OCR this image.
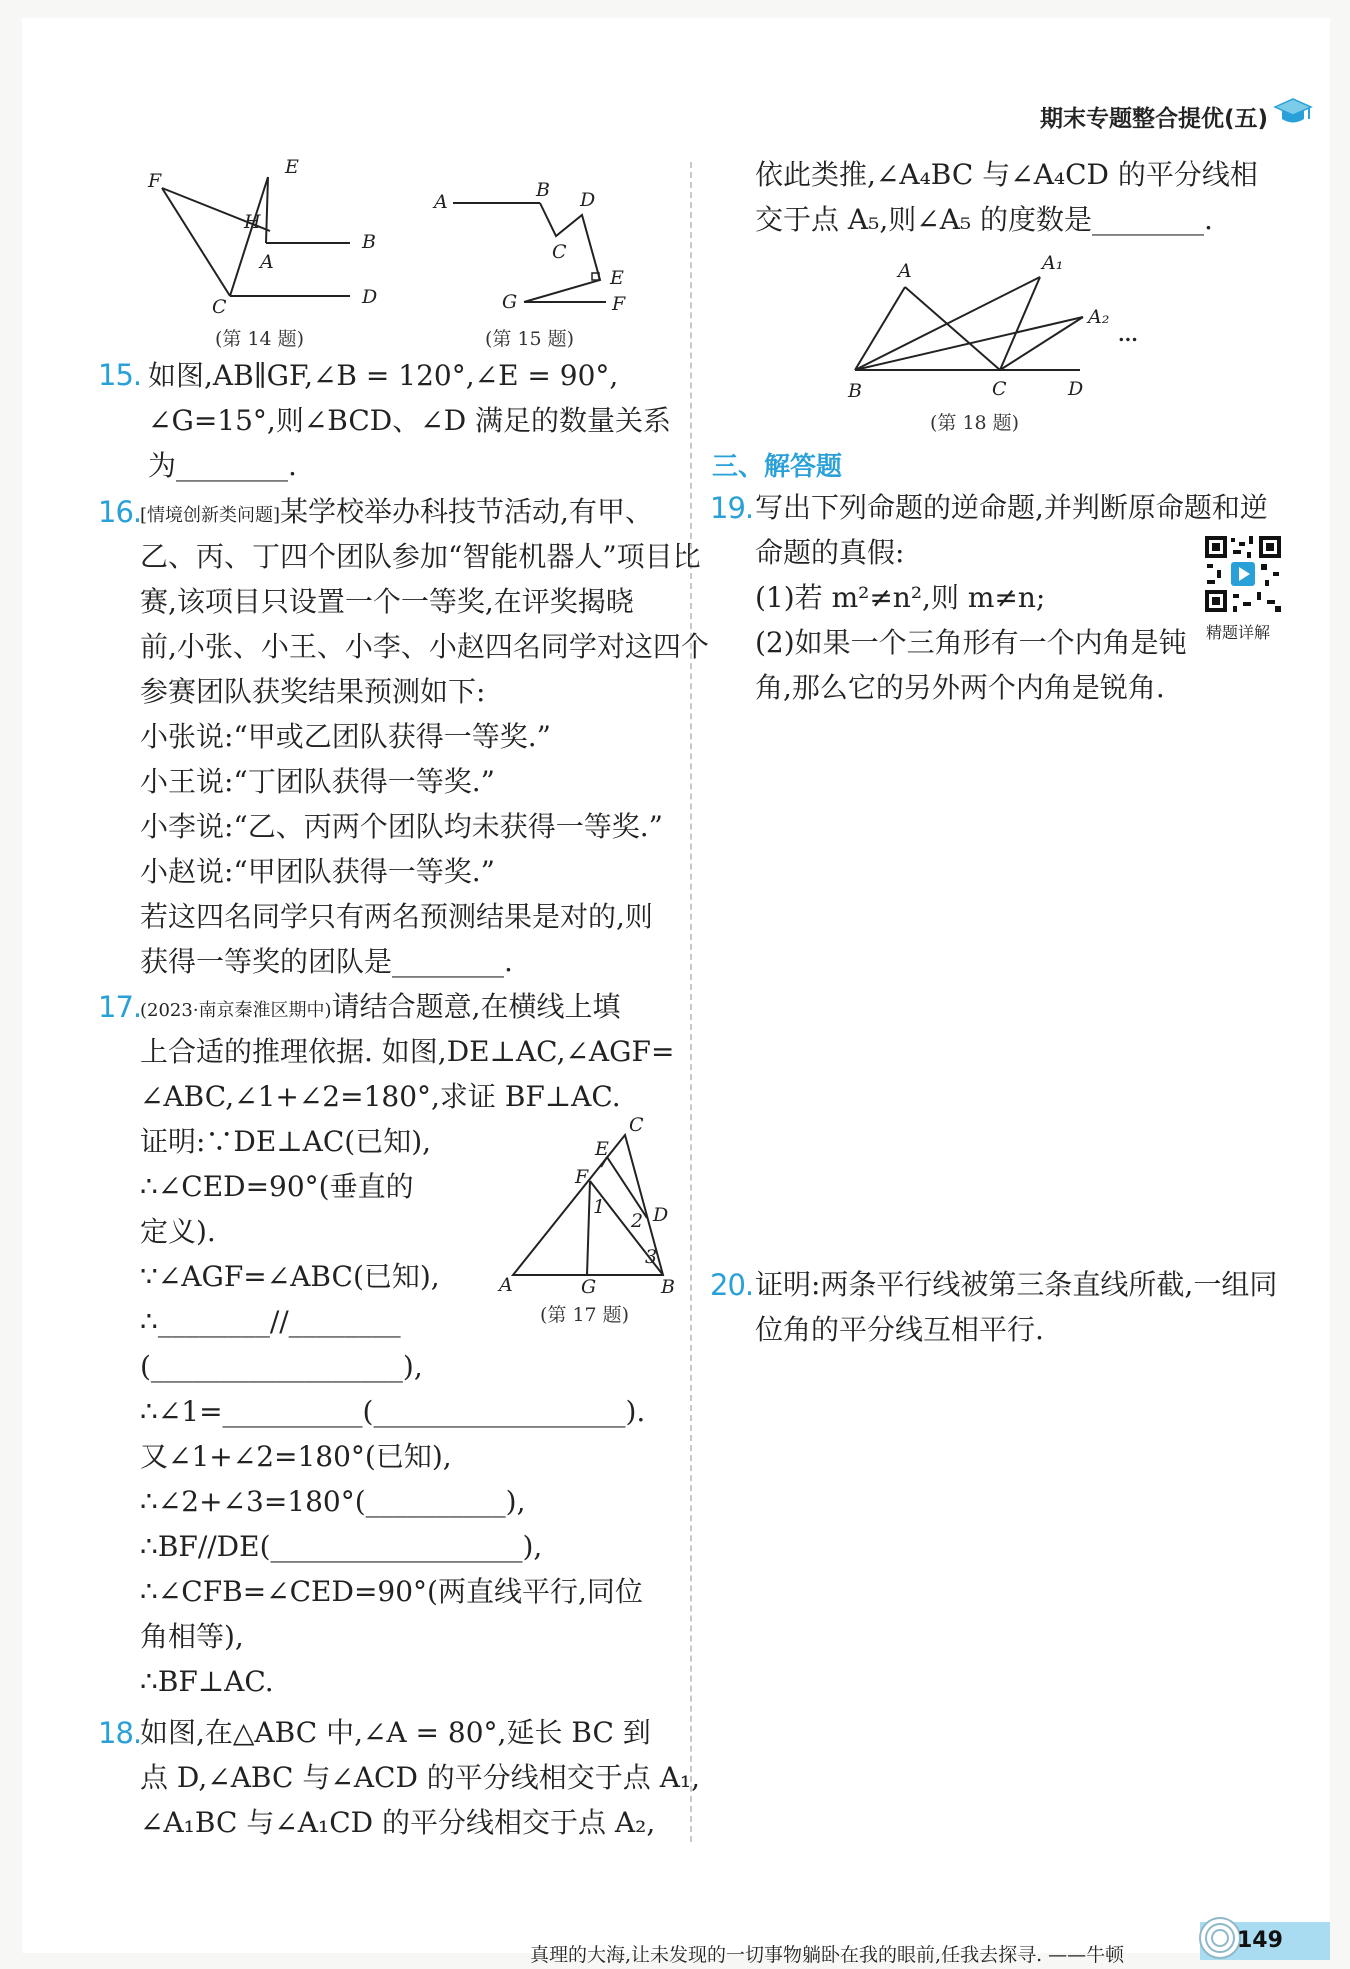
期末专题整合提优(五)
F
E
H
A
B
C	D
(第 14 题)
A
B D
C
E
G	F
(第 15 题)
15. 如图,AB∥GF,∠B = 120°,∠E = 90°,
∠G=15°,则∠BCD、∠D 满足的数量关系
为________.
16.
[情境创新类问题]某学校举办科技节活动,有甲、
乙、丙、丁四个团队参加“智能机器人”项目比
赛,该项目只设置一个一等奖,在评奖揭晓
前,小张、小王、小李、小赵四名同学对这四个
参赛团队获奖结果预测如下:
小张说:“甲或乙团队获得一等奖.”
小王说:“丁团队获得一等奖.”
小李说:“乙、丙两个团队均未获得一等奖.”
小赵说:“甲团队获得一等奖.”
若这四名同学只有两名预测结果是对的,则
获得一等奖的团队是________.
17.
(2023·南京秦淮区期中)请结合题意,在横线上填
上合适的推理依据. 如图,DE⊥AC,∠AGF=
∠ABC,∠1+∠2=180°,求证 BF⊥AC.
证明:∵DE⊥AC(已知),
∴∠CED=90°(垂直的
定义).
∵∠AGF=∠ABC(已知),
∴________//________
(__________________),
∴∠1=__________(__________________).
又∠1+∠2=180°(已知),
∴∠2+∠3=180°(__________),
∴BF//DE(__________________),
∴∠CFB=∠CED=90°(两直线平行,同位
角相等),
∴BF⊥AC.
C
E
F
D
1
2
3
A	G	B
(第 17 题)
18.
如图,在△ABC 中,∠A = 80°,延长 BC 到
点 D,∠ABC 与∠ACD 的平分线相交于点 A₁,
∠A₁BC 与∠A₁CD 的平分线相交于点 A₂,
依此类推,∠A₄BC 与∠A₄CD 的平分线相
交于点 A₅,则∠A₅ 的度数是________.
A	A₁
A₂
...
B	C	D
(第 18 题)
三、解答题
19. 写出下列命题的逆命题,并判断原命题和逆
命题的真假:
(1)若 m²≠n²,则 m≠n;
(2)如果一个三角形有一个内角是钝
角,那么它的另外两个内角是锐角.
精题详解
20. 证明:两条平行线被第三条直线所截,一组同
位角的平分线互相平行.
真理的大海,让未发现的一切事物躺卧在我的眼前,任我去探寻. ——牛顿
149
